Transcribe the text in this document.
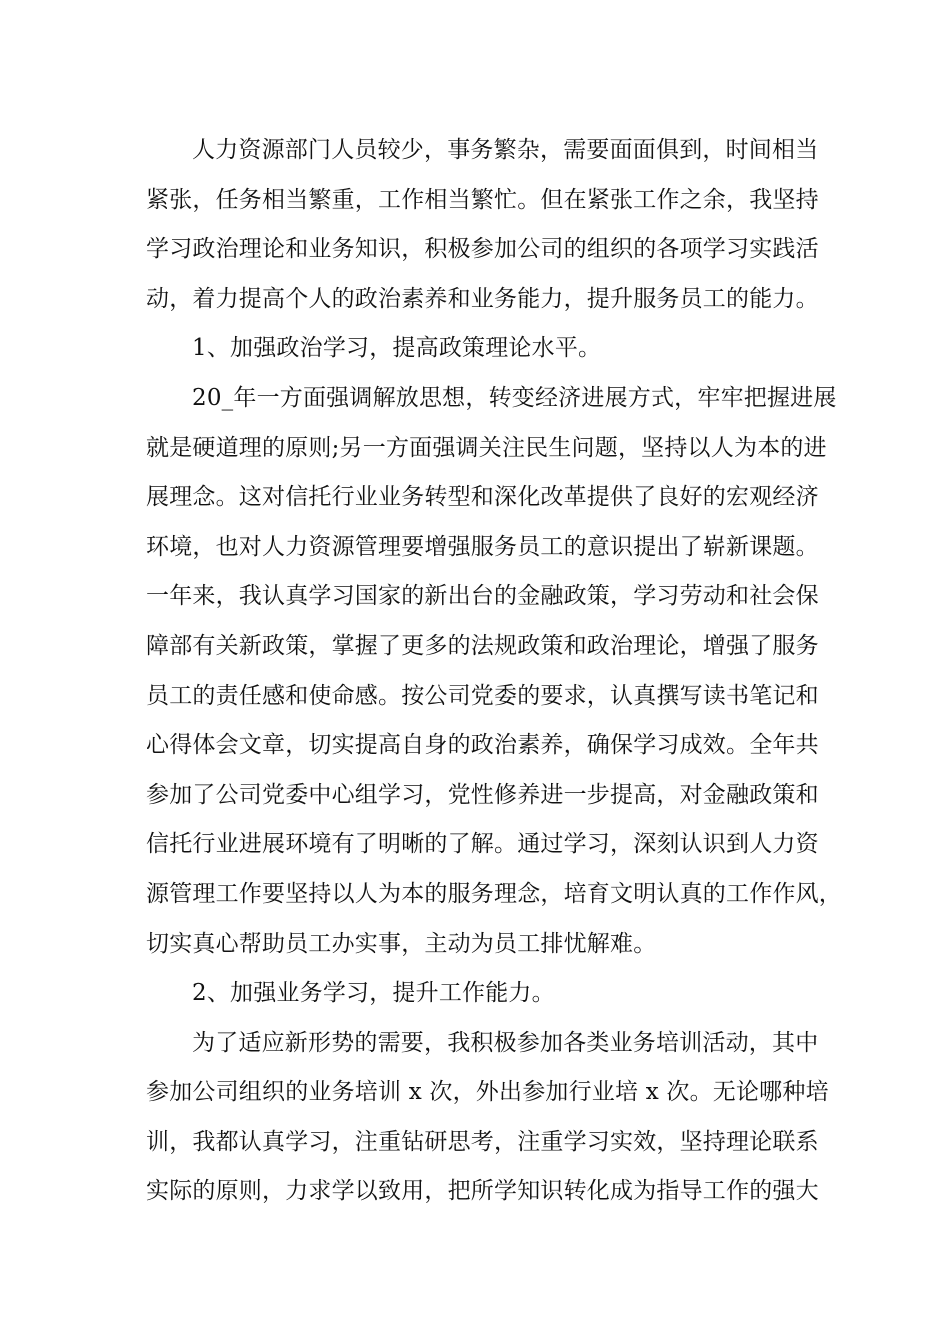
人力资源部门人员较少，事务繁杂，需要面面俱到，时间相当
紧张，任务相当繁重，工作相当繁忙。但在紧张工作之余，我坚持
学习政治理论和业务知识，积极参加公司的组织的各项学习实践活
动，着力提高个人的政治素养和业务能力，提升服务员工的能力。
1、加强政治学习，提高政策理论水平。
20_年一方面强调解放思想，转变经济进展方式，牢牢把握进展
就是硬道理的原则;另一方面强调关注民生问题，坚持以人为本的进
展理念。这对信托行业业务转型和深化改革提供了良好的宏观经济
环境，也对人力资源管理要增强服务员工的意识提出了崭新课题。
一年来，我认真学习国家的新出台的金融政策，学习劳动和社会保
障部有关新政策，掌握了更多的法规政策和政治理论，增强了服务
员工的责任感和使命感。按公司党委的要求，认真撰写读书笔记和
心得体会文章，切实提高自身的政治素养，确保学习成效。全年共
参加了公司党委中心组学习，党性修养进一步提高，对金融政策和
信托行业进展环境有了明晰的了解。通过学习，深刻认识到人力资
源管理工作要坚持以人为本的服务理念，培育文明认真的工作作风，
切实真心帮助员工办实事，主动为员工排忧解难。
2、加强业务学习，提升工作能力。
为了适应新形势的需要，我积极参加各类业务培训活动，其中
参加公司组织的业务培训 x 次，外出参加行业培 x 次。无论哪种培
训，我都认真学习，注重钻研思考，注重学习实效，坚持理论联系
实际的原则，力求学以致用，把所学知识转化成为指导工作的强大
